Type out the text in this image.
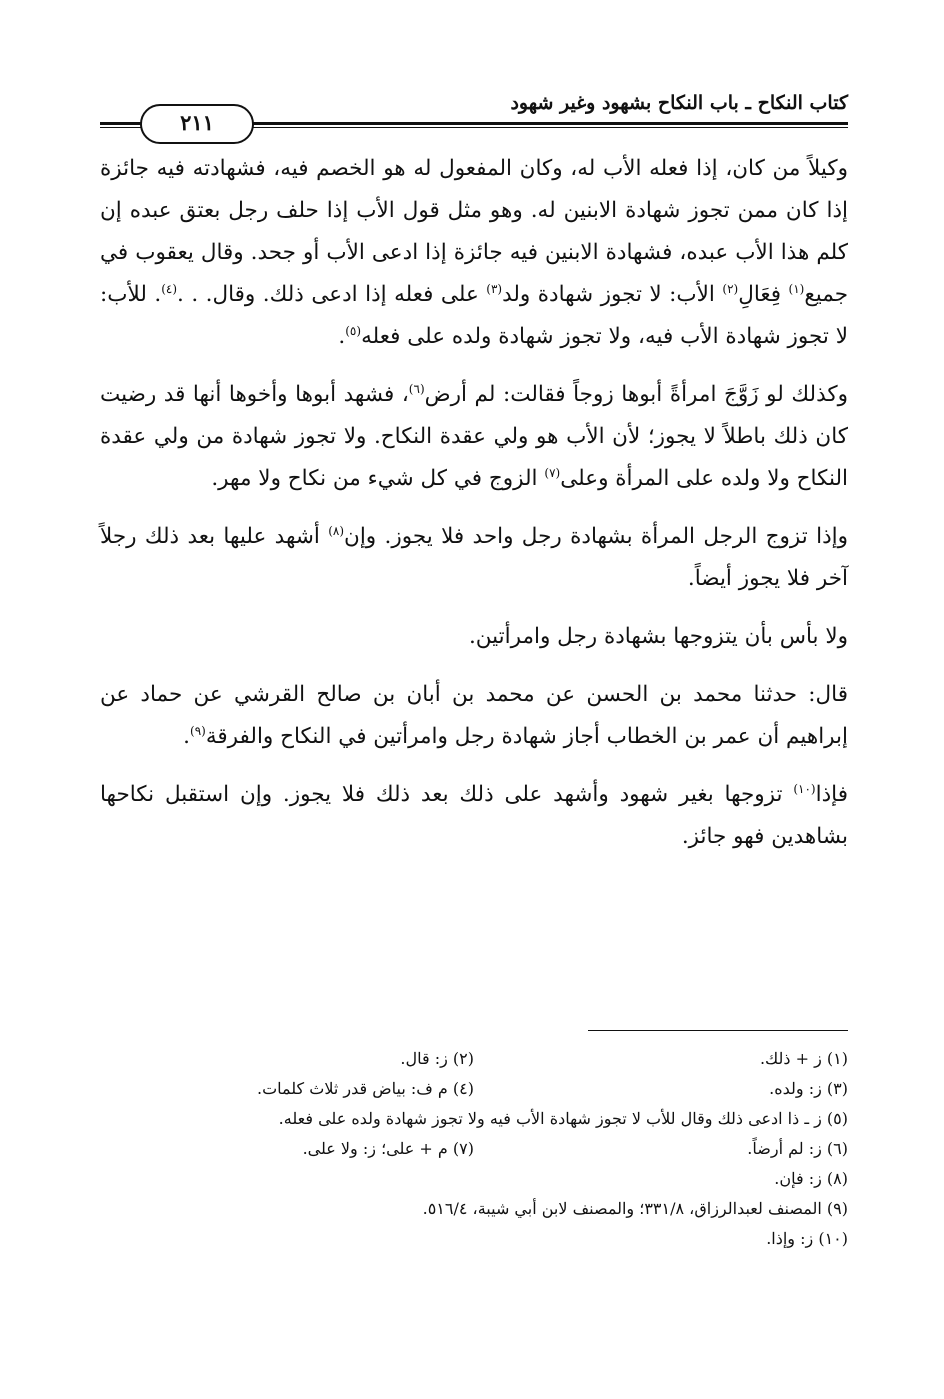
كتاب النكاح ـ باب النكاح بشهود وغير شهود
٢١١

وكيلاً من كان، إذا فعله الأب له، وكان المفعول له هو الخصم فيه، فشهادته فيه جائزة إذا كان ممن تجوز شهادة الابنين له. وهو مثل قول الأب إذا حلف رجل بعتق عبده إن كلم هذا الأب عبده، فشهادة الابنين فيه جائزة إذا ادعى الأب أو جحد. وقال يعقوب في جميع$^{(١)}$ فِعَالِ$^{(٢)}$ الأب: لا تجوز شهادة ولد$^{(٣)}$ على فعله إذا ادعى ذلك. وقال. . .$^{(٤)}$. للأب: لا تجوز شهادة الأب فيه، ولا تجوز شهادة ولده على فعله$^{(٥)}$.

وكذلك لو زَوَّجَ امرأةً أبوها زوجاً فقالت: لم أرض$^{(٦)}$، فشهد أبوها وأخوها أنها قد رضيت كان ذلك باطلاً لا يجوز؛ لأن الأب هو ولي عقدة النكاح. ولا تجوز شهادة من ولي عقدة النكاح ولا ولده على المرأة وعلى$^{(٧)}$ الزوج في كل شيء من نكاح ولا مهر.

وإذا تزوج الرجل المرأة بشهادة رجل واحد فلا يجوز. وإن$^{(٨)}$ أشهد عليها بعد ذلك رجلاً آخر فلا يجوز أيضاً.

ولا بأس بأن يتزوجها بشهادة رجل وامرأتين.

قال: حدثنا محمد بن الحسن عن محمد بن أبان بن صالح القرشي عن حماد عن إبراهيم أن عمر بن الخطاب أجاز شهادة رجل وامرأتين في النكاح والفرقة$^{(٩)}$.

فإذا$^{(١٠)}$ تزوجها بغير شهود وأشهد على ذلك بعد ذلك فلا يجوز. وإن استقبل نكاحها بشاهدين فهو جائز.

(١) ز + ذلك.
(٢) ز: قال.
(٣) ز: ولده.
(٤) م ف: بياض قدر ثلاث كلمات.
(٥) ز ـ ذا ادعى ذلك وقال للأب لا تجوز شهادة الأب فيه ولا تجوز شهادة ولده على فعله.
(٦) ز: لم أرضاً.
(٧) م + على؛ ز: ولا على.
(٨) ز: فإن.
(٩) المصنف لعبدالرزاق، ٣٣١/٨؛ والمصنف لابن أبي شيبة، ٥١٦/٤.
(١٠) ز: وإذا.
